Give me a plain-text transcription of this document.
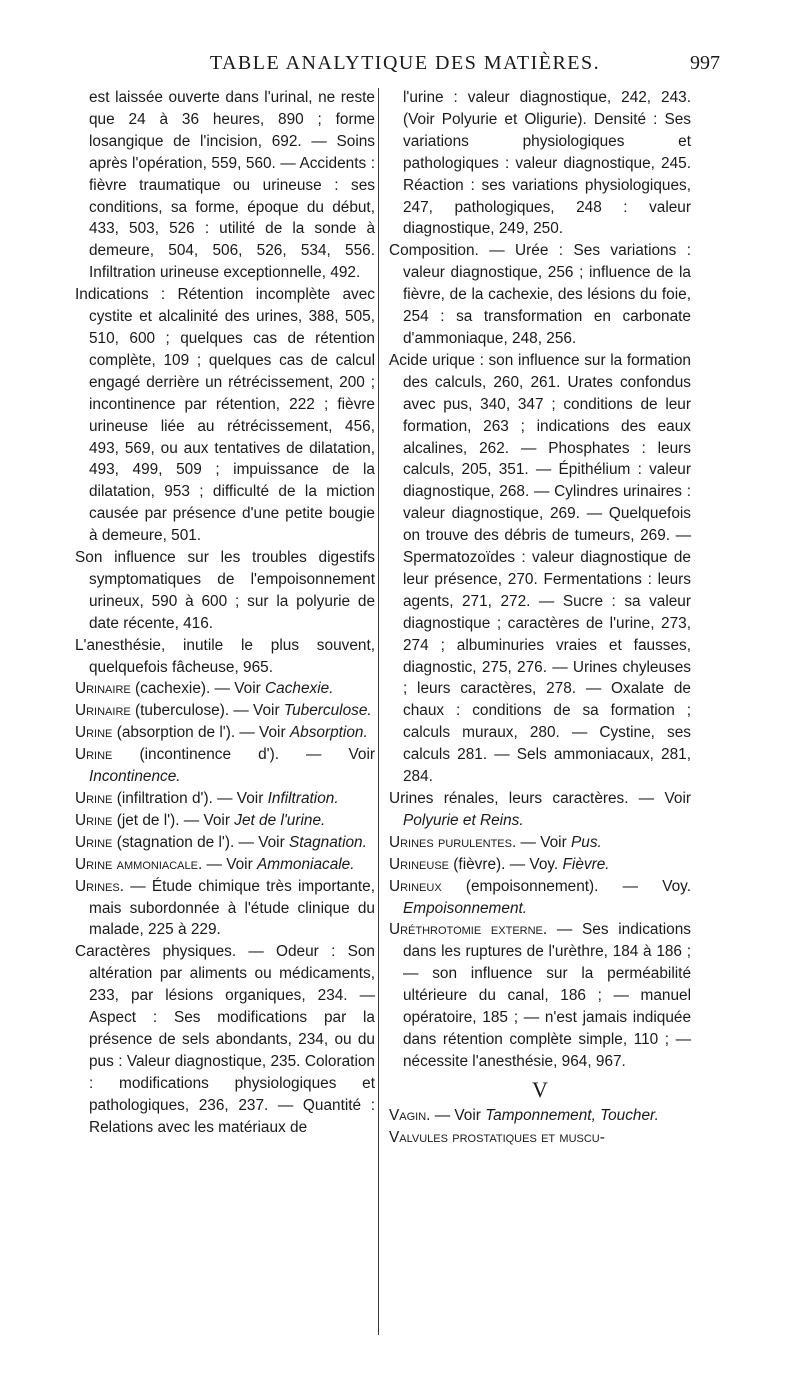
TABLE ANALYTIQUE DES MATIÈRES.	997

est laissée ouverte dans l'urinal, ne reste que 24 à 36 heures, 890 ; forme losangique de l'incision, 692. — Soins après l'opération, 559, 560. — Accidents : fièvre traumatique ou urineuse : ses conditions, sa forme, époque du début, 433, 503, 526 : utilité de la sonde à demeure, 504, 506, 526, 534, 556. Infiltration urineuse exceptionnelle, 492.

Indications : Rétention incomplète avec cystite et alcalinité des urines, 388, 505, 510, 600 ; quelques cas de rétention complète, 109 ; quelques cas de calcul engagé derrière un rétrécissement, 200 ; incontinence par rétention, 222 ; fièvre urineuse liée au rétrécissement, 456, 493, 569, ou aux tentatives de dilatation, 493, 499, 509 ; impuissance de la dilatation, 953 ; difficulté de la miction causée par présence d'une petite bougie à demeure, 501.

Son influence sur les troubles digestifs symptomatiques de l'empoisonnement urineux, 590 à 600 ; sur la polyurie de date récente, 416.

L'anesthésie, inutile le plus souvent, quelquefois fâcheuse, 965.

Urinaire (cachexie). — Voir Cachexie.

Urinaire (tuberculose). — Voir Tuberculose.

Urine (absorption de l'). — Voir Absorption.

Urine (incontinence d'). — Voir Incontinence.

Urine (infiltration d'). — Voir Infiltration.

Urine (jet de l'). — Voir Jet de l'urine.

Urine (stagnation de l'). — Voir Stagnation.

Urine ammoniacale. — Voir Ammoniacale.

Urines. — Étude chimique très importante, mais subordonnée à l'étude clinique du malade, 225 à 229.

Caractères physiques. — Odeur : Son altération par aliments ou médicaments, 233, par lésions organiques, 234. — Aspect : Ses modifications par la présence de sels abondants, 234, ou du pus : Valeur diagnostique, 235. Coloration : modifications physiologiques et pathologiques, 236, 237. — Quantité : Relations avec les matériaux de

l'urine : valeur diagnostique, 242, 243. (Voir Polyurie et Oligurie). Densité : Ses variations physiologiques et pathologiques : valeur diagnostique, 245. Réaction : ses variations physiologiques, 247, pathologiques, 248 : valeur diagnostique, 249, 250.

Composition. — Urée : Ses variations : valeur diagnostique, 256 ; influence de la fièvre, de la cachexie, des lésions du foie, 254 : sa transformation en carbonate d'ammoniaque, 248, 256.

Acide urique : son influence sur la formation des calculs, 260, 261. Urates confondus avec pus, 340, 347 ; conditions de leur formation, 263 ; indications des eaux alcalines, 262. — Phosphates : leurs calculs, 205, 351. — Épithélium : valeur diagnostique, 268. — Cylindres urinaires : valeur diagnostique, 269. — Quelquefois on trouve des débris de tumeurs, 269. — Spermatozoïdes : valeur diagnostique de leur présence, 270. Fermentations : leurs agents, 271, 272. — Sucre : sa valeur diagnostique ; caractères de l'urine, 273, 274 ; albuminuries vraies et fausses, diagnostic, 275, 276. — Urines chyleuses ; leurs caractères, 278. — Oxalate de chaux : conditions de sa formation ; calculs muraux, 280. — Cystine, ses calculs 281. — Sels ammoniacaux, 281, 284.

Urines rénales, leurs caractères. — Voir Polyurie et Reins.

Urines purulentes. — Voir Pus.

Urineuse (fièvre). — Voy. Fièvre.

Urineux (empoisonnement). — Voy. Empoisonnement.

Uréthrotomie externe. — Ses indications dans les ruptures de l'urèthre, 184 à 186 ; — son influence sur la perméabilité ultérieure du canal, 186 ; — manuel opératoire, 185 ; — n'est jamais indiquée dans rétention complète simple, 110 ; — nécessite l'anesthésie, 964, 967.

V

Vagin. — Voir Tamponnement, Toucher.

Valvules prostatiques et muscu-
